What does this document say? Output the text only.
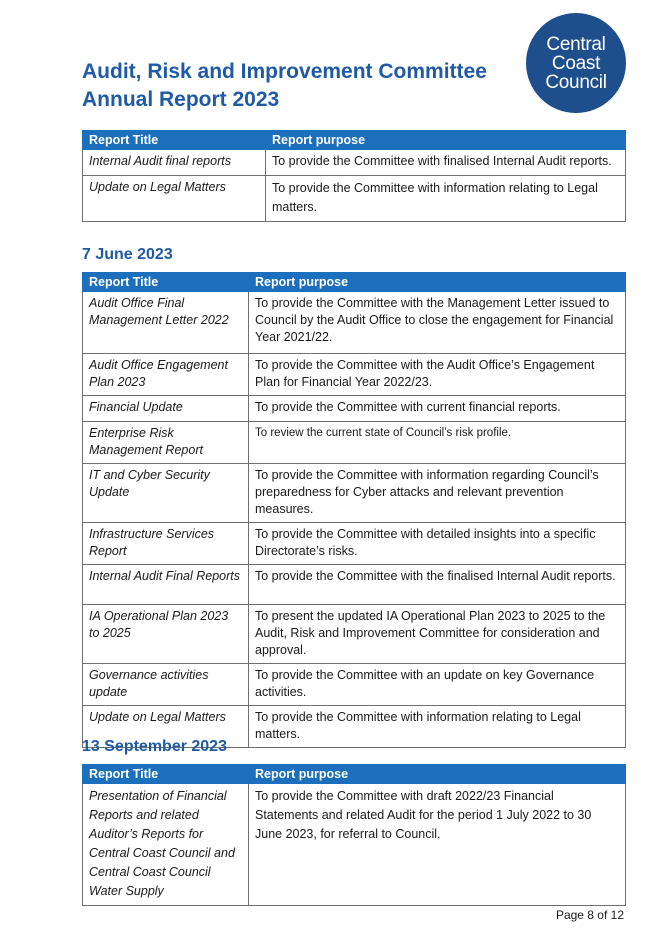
Audit, Risk and Improvement Committee
Annual Report 2023
Central
Coast
Council
Report Title	Report purpose
Internal Audit final reports	To provide the Committee with finalised Internal Audit reports.
Update on Legal Matters	To provide the Committee with information relating to Legal matters.
7 June 2023
Report Title	Report purpose
Audit Office Final Management Letter 2022	To provide the Committee with the Management Letter issued to Council by the Audit Office to close the engagement for Financial Year 2021/22.
Audit Office Engagement Plan 2023	To provide the Committee with the Audit Office’s Engagement Plan for Financial Year 2022/23.
Financial Update	To provide the Committee with current financial reports.
Enterprise Risk Management Report	To review the current state of Council’s risk profile.
IT and Cyber Security Update	To provide the Committee with information regarding Council’s preparedness for Cyber attacks and relevant prevention measures.
Infrastructure Services Report	To provide the Committee with detailed insights into a specific Directorate’s risks.
Internal Audit Final Reports	To provide the Committee with the finalised Internal Audit reports.
IA Operational Plan 2023 to 2025	To present the updated IA Operational Plan 2023 to 2025 to the Audit, Risk and Improvement Committee for consideration and approval.
Governance activities update	To provide the Committee with an update on key Governance activities.
Update on Legal Matters	To provide the Committee with information relating to Legal matters.
13 September 2023
Report Title	Report purpose
Presentation of Financial Reports and related Auditor’s Reports for Central Coast Council and Central Coast Council Water Supply	To provide the Committee with draft 2022/23 Financial Statements and related Audit for the period 1 July 2022 to 30 June 2023, for referral to Council.
Page 8 of 12
